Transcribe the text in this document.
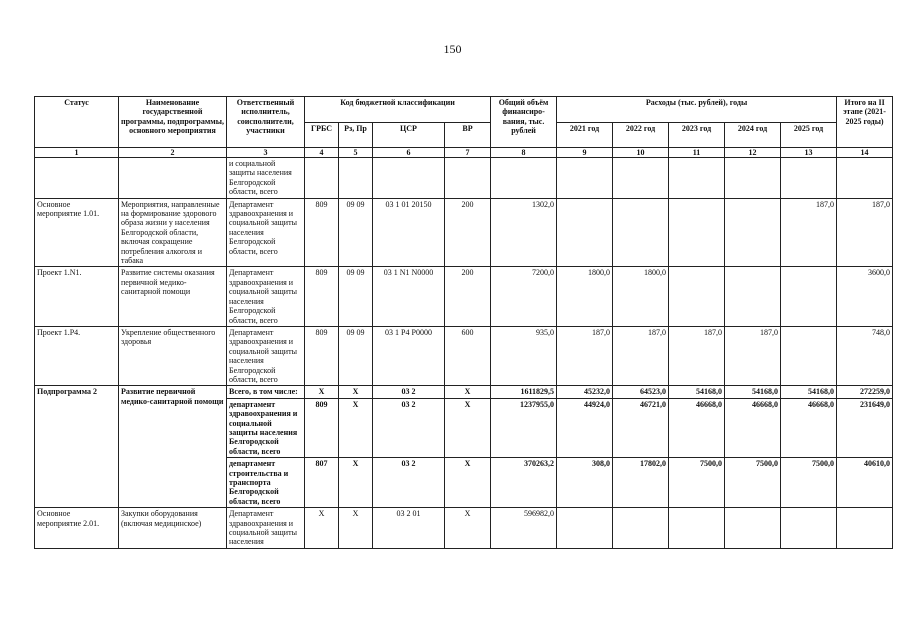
150
Статус	Наименование государственной программы, подпрограммы, основного мероприятия	Ответственный исполнитель, соисполнители, участники	Код бюджетной классификации				Общий объём финансиро-вания, тыс. рублей	Расходы (тыс. рублей), годы					Итого на II этапе (2021-2025 годы)
			ГРБС	Рз, Пр	ЦСР	ВР		2021 год	2022 год	2023 год	2024 год	2025 год	
1	2	3	4	5	6	7	8	9	10	11	12	13	14
		и социальной защиты населения Белгородской области, всего											
Основное мероприятие 1.01.	Мероприятия, направленные на формирование здорового образа жизни у населения Белгородской области, включая сокращение потребления алкоголя и табака	Департамент здравоохранения и социальной защиты населения Белгородской области, всего	809	09 09	03 1 01 20150	200	1302,0					187,0	187,0
Проект 1.N1.	Развитие системы оказания первичной медико-санитарной помощи	Департамент здравоохранения и социальной защиты населения Белгородской области, всего	809	09 09	03 1 N1 N0000	200	7200,0	1800,0	1800,0				3600,0
Проект 1.P4.	Укрепление общественного здоровья	Департамент здравоохранения и социальной защиты населения Белгородской области, всего	809	09 09	03 1 P4 P0000	600	935,0	187,0	187,0	187,0	187,0		748,0
Подпрограмма 2	Развитие первичной медико-санитарной помощи	Всего, в том числе:	Х	Х	03 2	Х	1611829,5	45232,0	64523,0	54168,0	54168,0	54168,0	272259,0
		департамент здравоохранения и социальной защиты населения Белгородской области, всего	809	Х	03 2	Х	1237955,0	44924,0	46721,0	46668,0	46668,0	46668,0	231649,0
		департамент строительства и транспорта Белгородской области, всего	807	Х	03 2	Х	370263,2	308,0	17802,0	7500,0	7500,0	7500,0	40610,0
Основное мероприятие 2.01.	Закупки оборудования (включая медицинское)	Департамент здравоохранения и социальной защиты населения	Х	Х	03 2 01	Х	596982,0						
